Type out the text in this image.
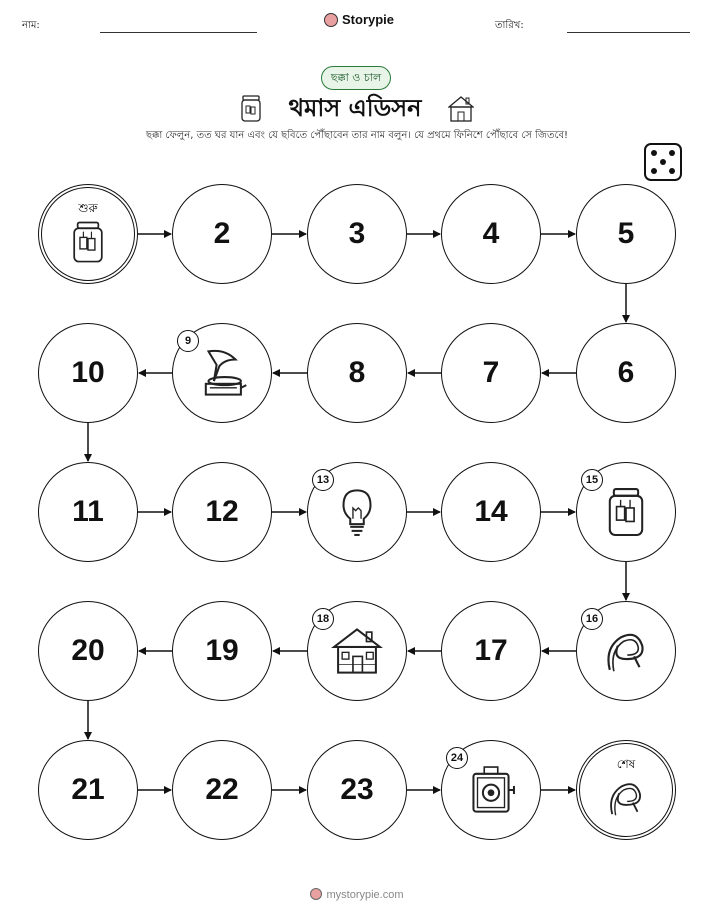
নাম:	Storypie	তারিখ:
ছক্কা ও চাল
থমাস এডিসন
ছক্কা ফেলুন, তত ঘর যান এবং যে ছবিতে পৌঁছাবেন তার নাম বলুন। যে প্রথমে ফিনিশে পৌঁছাবে সে জিতবে!
শুরু
2	3	4	5
10
9
8	7	6
11	12
13
14
15
20	19
18
17
16
21	22	23
24	শেষ
mystorypie.com
